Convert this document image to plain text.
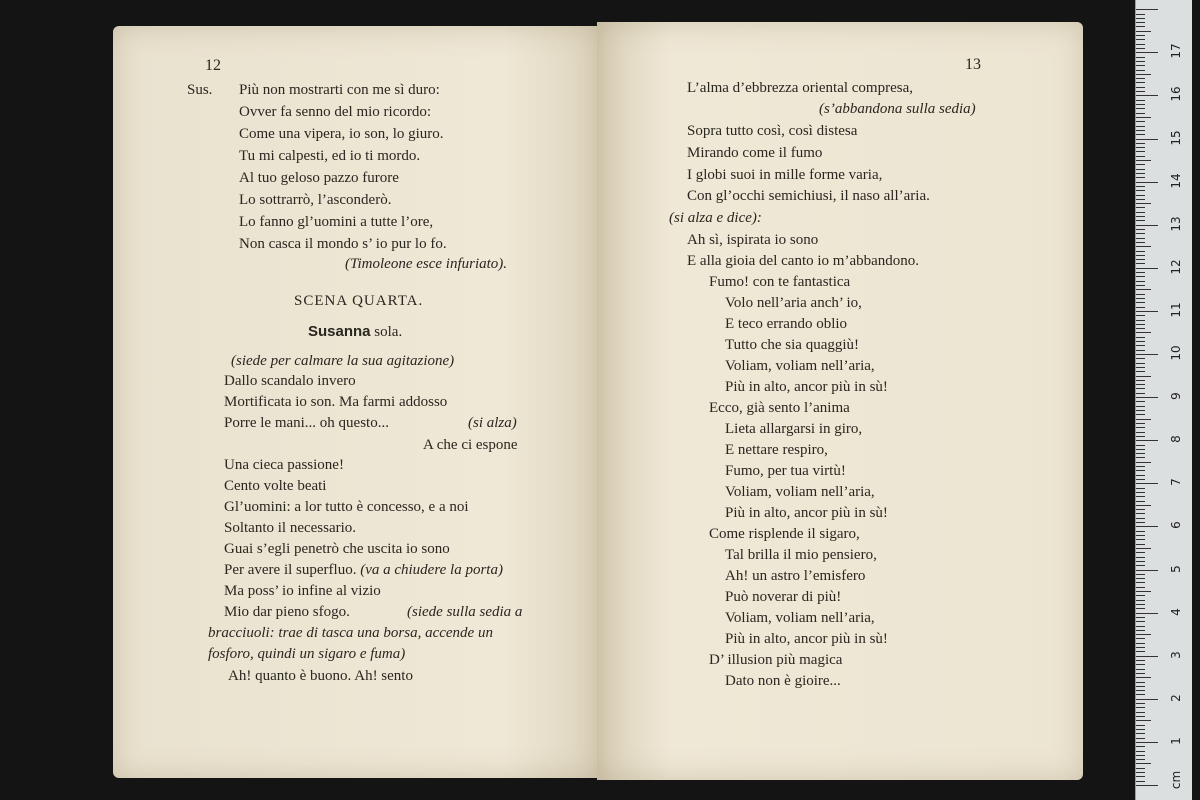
12
Sus. Più non mostrarti con me sì duro:
Ovver fa senno del mio ricordo:
Come una vipera, io son, lo giuro.
Tu mi calpesti, ed io ti mordo.
Al tuo geloso pazzo furore
Lo sottrarrò, l’asconderò.
Lo fanno gl’uomini a tutte l’ore,
Non casca il mondo s’ io pur lo fo.
(Timoleone esce infuriato).
SCENA QUARTA.
Susanna sola.
(siede per calmare la sua agitazione)
Dallo scandalo invero
Mortificata io son. Ma farmi addosso
Porre le mani... oh questo...	(si alza)
A che ci espone
Una cieca passione!
Cento volte beati
Gl’uomini: a lor tutto è concesso, e a noi
Soltanto il necessario.
Guai s’egli penetrò che uscita io sono
Per avere il superfluo. (va a chiudere la porta)
Ma poss’ io infine al vizio
Mio dar pieno sfogo.	(siede sulla sedia a
bracciuoli: trae di tasca una borsa, accende un
fosforo, quindi un sigaro e fuma)
Ah! quanto è buono. Ah! sento
13
L’alma d’ebbrezza oriental compresa,
(s’abbandona sulla sedia)
Sopra tutto così, così distesa
Mirando come il fumo
I globi suoi in mille forme varia,
Con gl’occhi semichiusi, il naso all’aria.
(si alza e dice):
Ah sì, ispirata io sono
E alla gioia del canto io m’abbandono.
Fumo! con te fantastica
Volo nell’aria anch’ io,
E teco errando oblio
Tutto che sia quaggiù!
Voliam, voliam nell’aria,
Più in alto, ancor più in sù!
Ecco, già sento l’anima
Lieta allargarsi in giro,
E nettare respiro,
Fumo, per tua virtù!
Voliam, voliam nell’aria,
Più in alto, ancor più in sù!
Come risplende il sigaro,
Tal brilla il mio pensiero,
Ah! un astro l’emisfero
Può noverar di più!
Voliam, voliam nell’aria,
Più in alto, ancor più in sù!
D’ illusion più magica
Dato non è gioire...
cm
1
2
3
4
5
6
7
8
9
10
11
12
13
14
15
16
17
